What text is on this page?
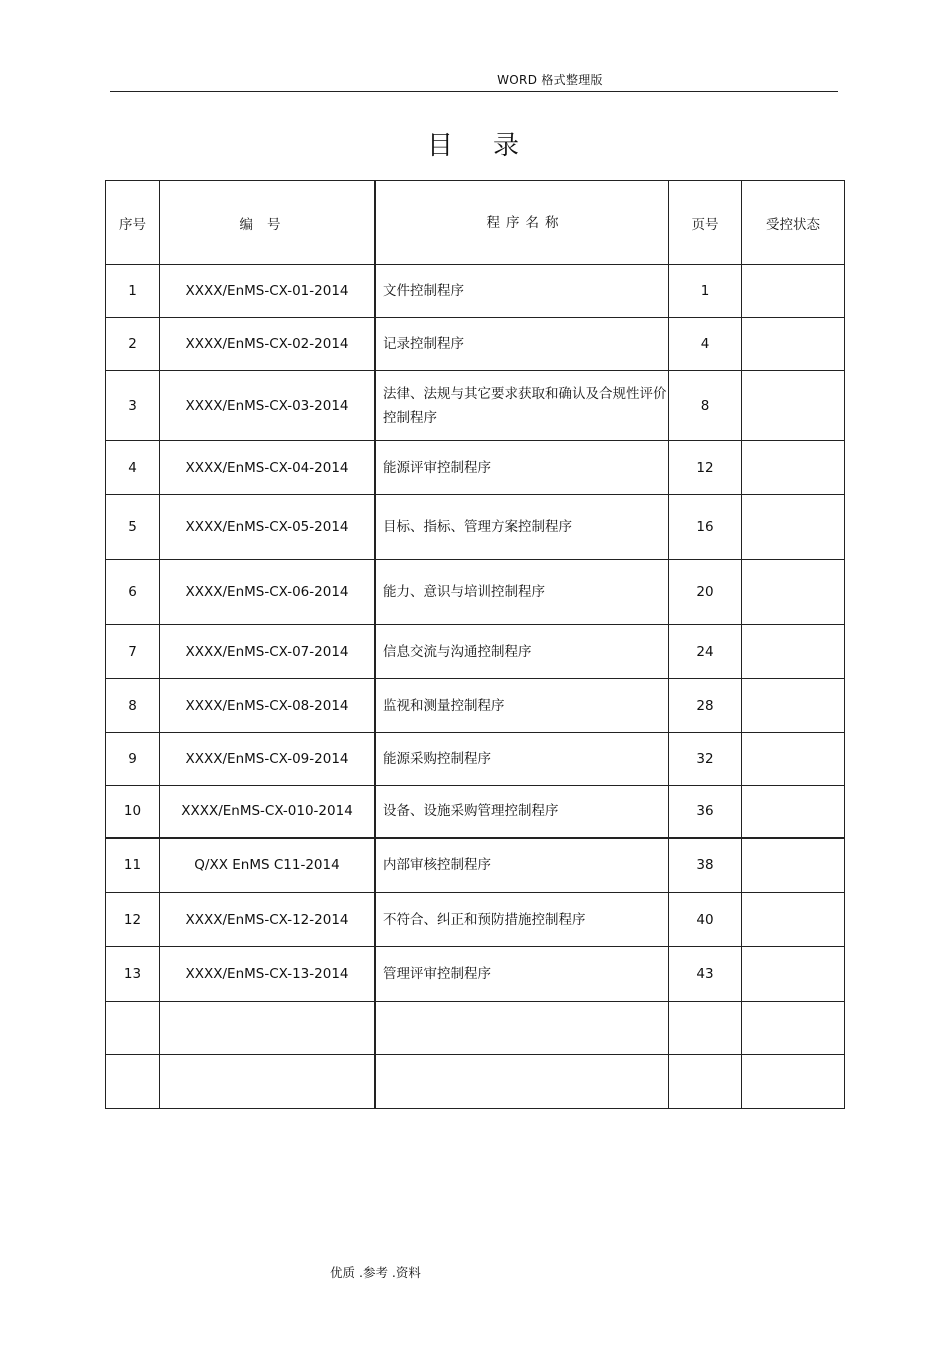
WORD 格式整理版
目录
序号	编号	程序名称	页号	受控状态
1	XXXX/EnMS-CX-01-2014	文件控制程序	1	
2	XXXX/EnMS-CX-02-2014	记录控制程序	4	
3	XXXX/EnMS-CX-03-2014	法律、法规与其它要求获取和确认及合规性评价控制程序	8	
4	XXXX/EnMS-CX-04-2014	能源评审控制程序	12	
5	XXXX/EnMS-CX-05-2014	目标、指标、管理方案控制程序	16	
6	XXXX/EnMS-CX-06-2014	能力、意识与培训控制程序	20	
7	XXXX/EnMS-CX-07-2014	信息交流与沟通控制程序	24	
8	XXXX/EnMS-CX-08-2014	监视和测量控制程序	28	
9	XXXX/EnMS-CX-09-2014	能源采购控制程序	32	
10	XXXX/EnMS-CX-010-2014	设备、设施采购管理控制程序	36	
11	Q/XX EnMS C11-2014	内部审核控制程序	38	
12	XXXX/EnMS-CX-12-2014	不符合、纠正和预防措施控制程序	40	
13	XXXX/EnMS-CX-13-2014	管理评审控制程序	43	

优质 .参考 .资料
